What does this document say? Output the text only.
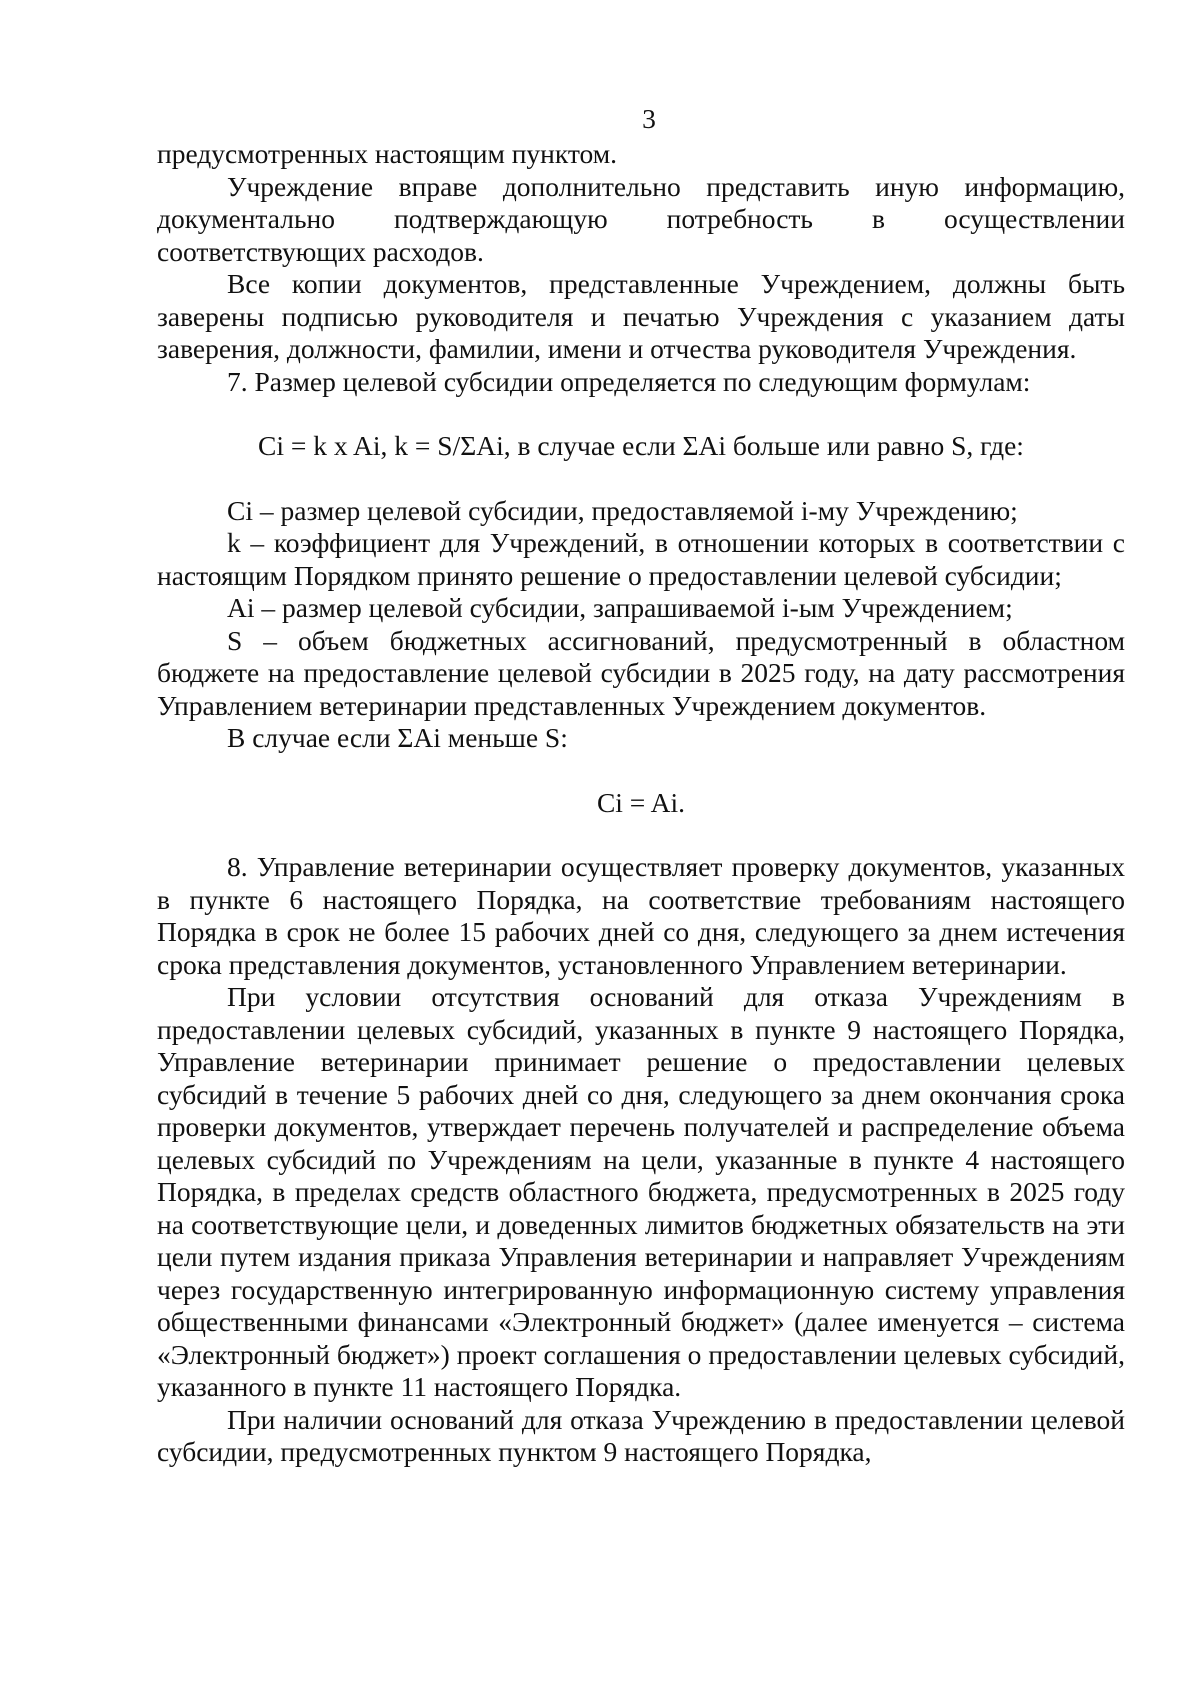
3

предусмотренных настоящим пунктом.

Учреждение вправе дополнительно представить иную информацию, документально подтверждающую потребность в осуществлении соответствующих расходов.

Все копии документов, представленные Учреждением, должны быть заверены подписью руководителя и печатью Учреждения с указанием даты заверения, должности, фамилии, имени и отчества руководителя Учреждения.

7. Размер целевой субсидии определяется по следующим формулам:

Ci = k x Ai, k = S/ΣAi, в случае если ΣAi больше или равно S, где:

Ci – размер целевой субсидии, предоставляемой i-му Учреждению;

k – коэффициент для Учреждений, в отношении которых в соответствии с настоящим Порядком принято решение о предоставлении целевой субсидии;

Ai – размер целевой субсидии, запрашиваемой i-ым Учреждением;

S – объем бюджетных ассигнований, предусмотренный в областном бюджете на предоставление целевой субсидии в 2025 году, на дату рассмотрения Управлением ветеринарии представленных Учреждением документов.

В случае если ΣAi меньше S:

Ci = Ai.

8. Управление ветеринарии осуществляет проверку документов, указанных в пункте 6 настоящего Порядка, на соответствие требованиям настоящего Порядка в срок не более 15 рабочих дней со дня, следующего за днем истечения срока представления документов, установленного Управлением ветеринарии.

При условии отсутствия оснований для отказа Учреждениям в предоставлении целевых субсидий, указанных в пункте 9 настоящего Порядка, Управление ветеринарии принимает решение о предоставлении целевых субсидий в течение 5 рабочих дней со дня, следующего за днем окончания срока проверки документов, утверждает перечень получателей и распределение объема целевых субсидий по Учреждениям на цели, указанные в пункте 4 настоящего Порядка, в пределах средств областного бюджета, предусмотренных в 2025 году на соответствующие цели, и доведенных лимитов бюджетных обязательств на эти цели путем издания приказа Управления ветеринарии и направляет Учреждениям через государственную интегрированную информационную систему управления общественными финансами «Электронный бюджет» (далее именуется – система «Электронный бюджет») проект соглашения о предоставлении целевых субсидий, указанного в пункте 11 настоящего Порядка.

При наличии оснований для отказа Учреждению в предоставлении целевой субсидии, предусмотренных пунктом 9 настоящего Порядка,
